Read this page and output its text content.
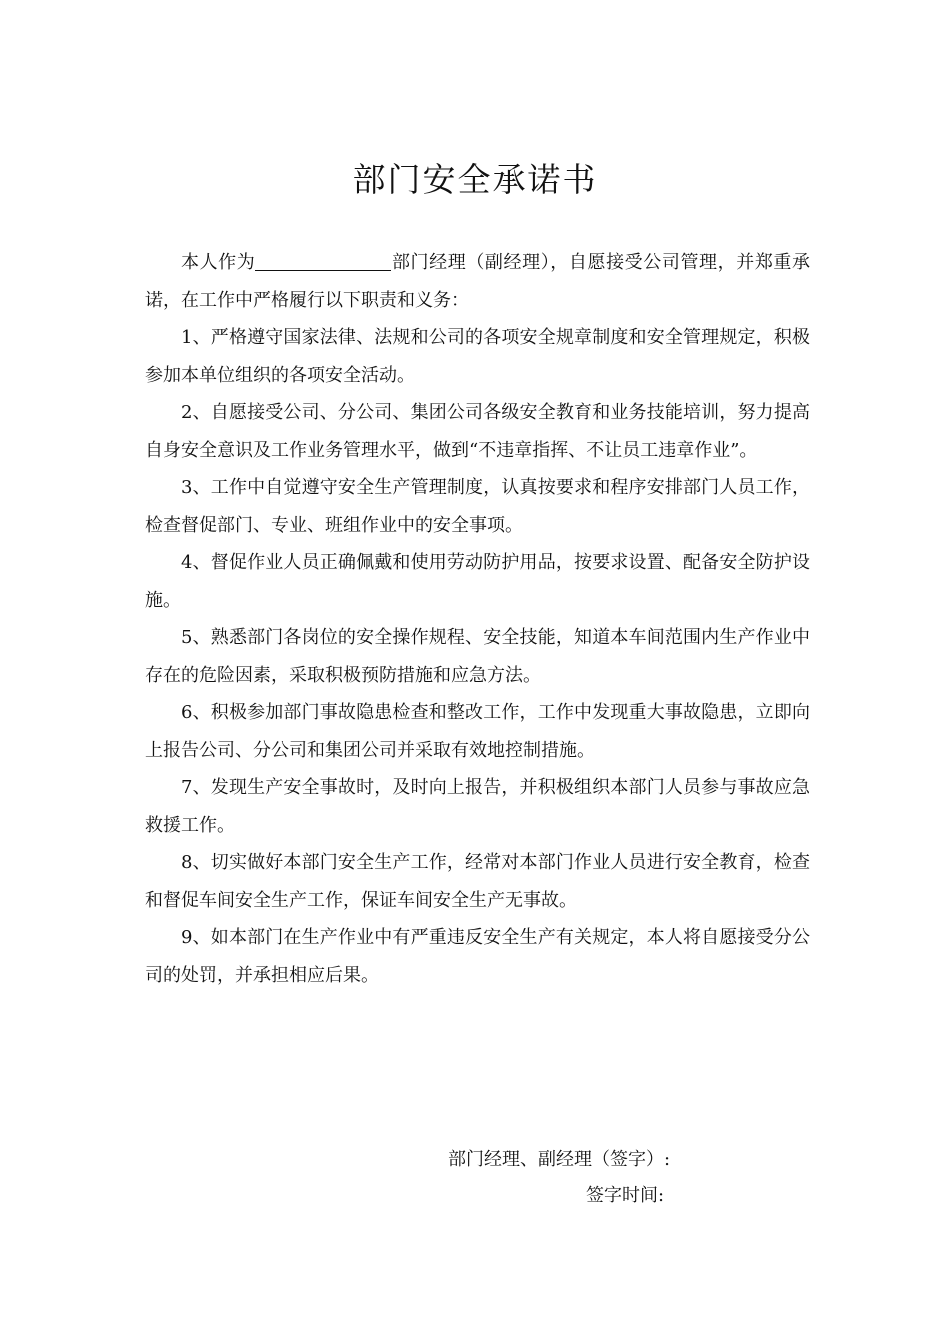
部门安全承诺书

本人作为	部门经理（副经理），自愿接受公司管理，并郑重承诺，在工作中严格履行以下职责和义务：

1、严格遵守国家法律、法规和公司的各项安全规章制度和安全管理规定，积极参加本单位组织的各项安全活动。

2、自愿接受公司、分公司、集团公司各级安全教育和业务技能培训，努力提高自身安全意识及工作业务管理水平，做到“不违章指挥、不让员工违章作业”。

3、工作中自觉遵守安全生产管理制度，认真按要求和程序安排部门人员工作，检查督促部门、专业、班组作业中的安全事项。

4、督促作业人员正确佩戴和使用劳动防护用品，按要求设置、配备安全防护设施。

5、熟悉部门各岗位的安全操作规程、安全技能，知道本车间范围内生产作业中存在的危险因素，采取积极预防措施和应急方法。

6、积极参加部门事故隐患检查和整改工作，工作中发现重大事故隐患，立即向上报告公司、分公司和集团公司并采取有效地控制措施。

7、发现生产安全事故时，及时向上报告，并积极组织本部门人员参与事故应急救援工作。

8、切实做好本部门安全生产工作，经常对本部门作业人员进行安全教育，检查和督促车间安全生产工作，保证车间安全生产无事故。

9、如本部门在生产作业中有严重违反安全生产有关规定，本人将自愿接受分公司的处罚，并承担相应后果。

部门经理、副经理（签字）:
签字时间:
